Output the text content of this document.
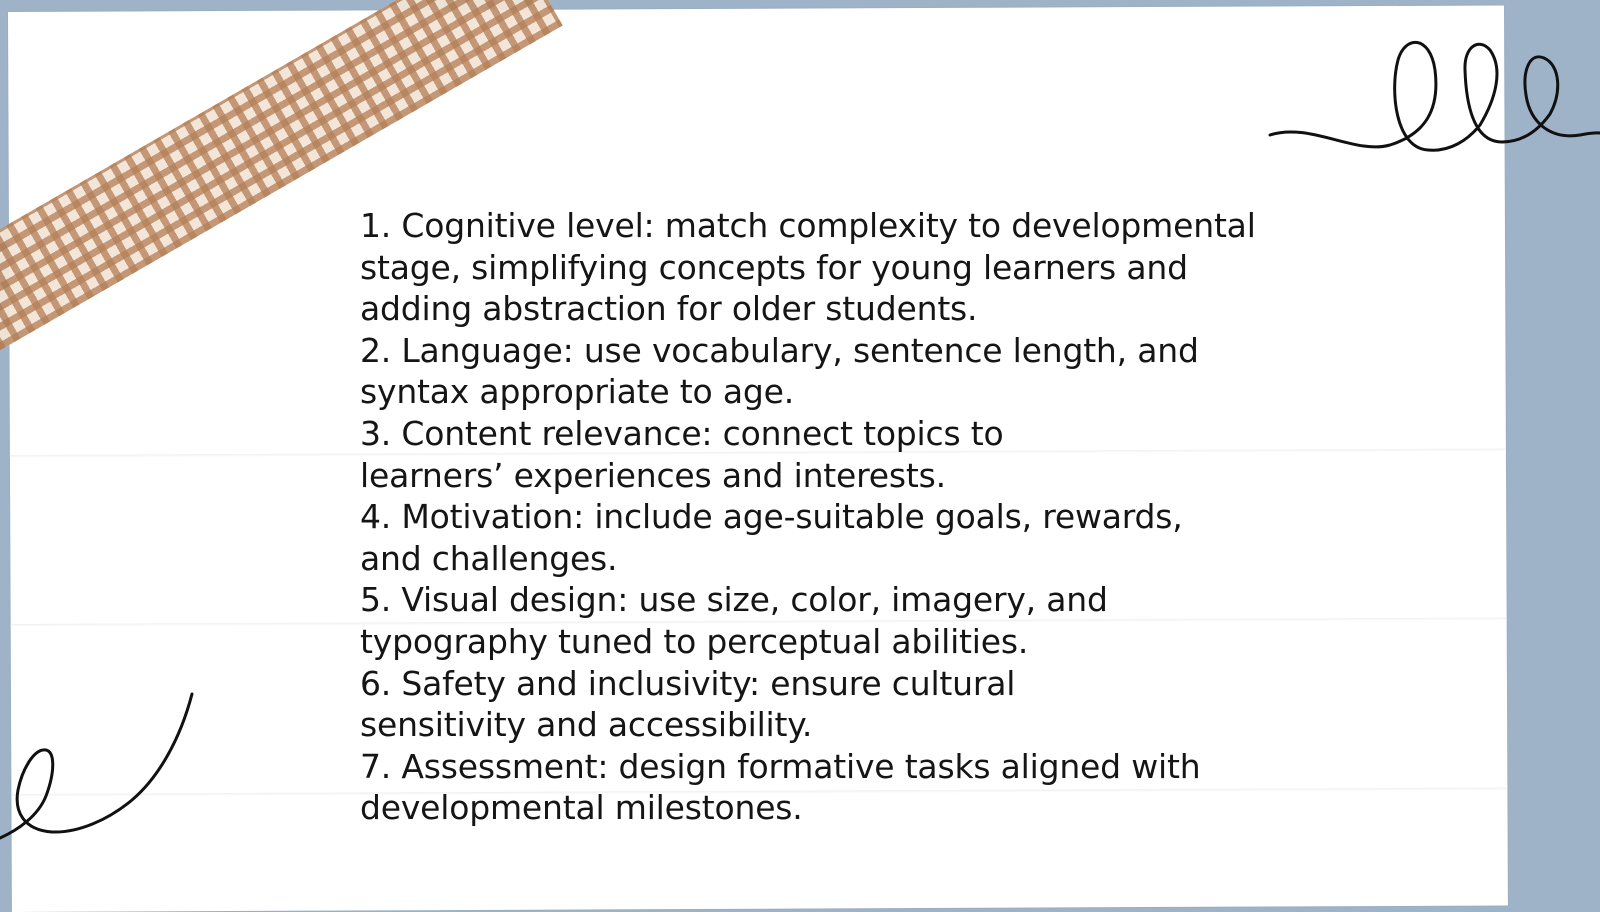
1. Cognitive level: match complexity to developmental stage, simplifying concepts for young learners and adding abstraction for older students.
2. Language: use vocabulary, sentence length, and syntax appropriate to age.
3. Content relevance: connect topics to learners’ experiences and interests.
4. Motivation: include age-suitable goals, rewards, and challenges.
5. Visual design: use size, color, imagery, and typography tuned to perceptual abilities.
6. Safety and inclusivity: ensure cultural sensitivity and accessibility.
7. Assessment: design formative tasks aligned with developmental milestones.
